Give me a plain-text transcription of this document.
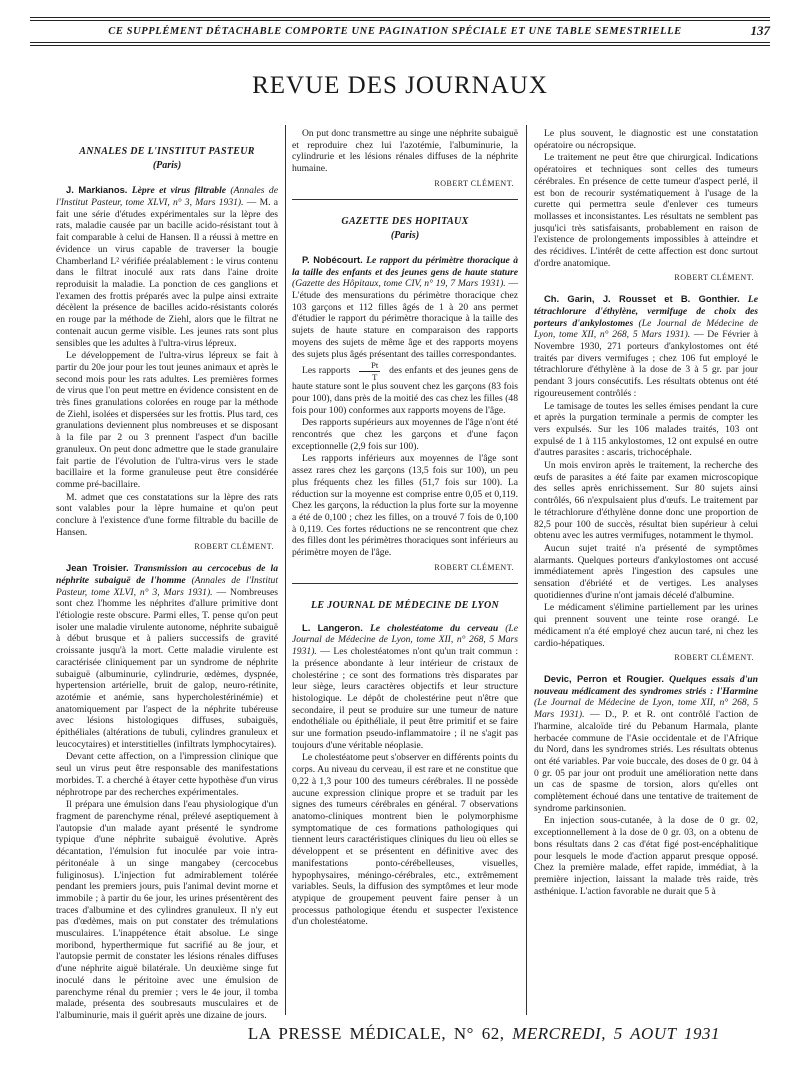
CE SUPPLÉMENT DÉTACHABLE COMPORTE UNE PAGINATION SPÉCIALE ET UNE TABLE SEMESTRIELLE	137
REVUE DES JOURNAUX
ANNALES DE L'INSTITUT PASTEUR
(Paris)

J. Markianos. Lèpre et virus filtrable (Annales de l'Institut Pasteur, tome XLVI, n° 3, Mars 1931). — M. a fait une série d'études expérimentales sur la lèpre des rats, maladie causée par un bacille acido-résistant tout à fait comparable à celui de Hansen. Il a réussi à mettre en évidence un virus capable de traverser la bougie Chamberland L² vérifiée préalablement : le virus contenu dans le filtrat inoculé aux rats dans l'aine droite reproduisit la maladie. La ponction de ces ganglions et l'examen des frottis préparés avec la pulpe ainsi extraite décèlent la présence de bacilles acido-résistants colorés en rouge par la méthode de Ziehl, alors que le filtrat ne contenait aucun germe visible. Les jeunes rats sont plus sensibles que les adultes à l'ultra-virus lépreux.

Le développement de l'ultra-virus lépreux se fait à partir du 20e jour pour les tout jeunes animaux et après le second mois pour les rats adultes. Les premières formes de virus que l'on peut mettre en évidence consistent en de très fines granulations colorées en rouge par la méthode de Ziehl, isolées et dispersées sur les frottis. Plus tard, ces granulations deviennent plus nombreuses et se disposant à la file par 2 ou 3 prennent l'aspect d'un bacille granuleux. On peut donc admettre que le stade granulaire fait partie de l'évolution de l'ultra-virus vers le stade bacillaire et la forme granuleuse peut être considérée comme pré-bacillaire.

M. admet que ces constatations sur la lèpre des rats sont valables pour la lèpre humaine et qu'on peut conclure à l'existence d'une forme filtrable du bacille de Hansen.

ROBERT CLÉMENT.

Jean Troisier. Transmission au cercocebus de la néphrite subaiguë de l'homme (Annales de l'Institut Pasteur, tome XLVI, n° 3, Mars 1931). — Nombreuses sont chez l'homme les néphrites d'allure primitive dont l'étiologie reste obscure. Parmi elles, T. pense qu'on peut isoler une maladie virulente autonome, néphrite subaiguë à début brusque et à paliers successifs de gravité croissante jusqu'à la mort. Cette maladie virulente est caractérisée cliniquement par un syndrome de néphrite subaiguë (albuminurie, cylindrurie, œdèmes, dyspnée, hypertension artérielle, bruit de galop, neuro-rétinite, azotémie et anémie, sans hypercholestérinémie) et anatomiquement par l'aspect de la néphrite tubéreuse avec lésions histologiques diffuses, subaiguës, épithéliales (altérations de tubuli, cylindres granuleux et leucocytaires) et interstitielles (infiltrats lymphocytaires).

Devant cette affection, on a l'impression clinique que seul un virus peut être responsable des manifestations morbides. T. a cherché à étayer cette hypothèse d'un virus néphrotrope par des recherches expérimentales.

Il prépara une émulsion dans l'eau physiologique d'un fragment de parenchyme rénal, prélevé aseptiquement à l'autopsie d'un malade ayant présenté le syndrome typique d'une néphrite subaiguë évolutive. Après décantation, l'émulsion fut inoculée par voie intra-péritonéale à un singe mangabey (cercocebus fuliginosus). L'injection fut admirablement tolérée pendant les premiers jours, puis l'animal devint morne et immobile ; à partir du 6e jour, les urines présentèrent des traces d'albumine et des cylindres granuleux. Il n'y eut pas d'œdèmes, mais on put constater des trémulations musculaires. L'inappétence était absolue. Le singe moribond, hyperthermique fut sacrifié au 8e jour, et l'autopsie permit de constater les lésions rénales diffuses d'une néphrite aiguë bilatérale. Un deuxième singe fut inoculé dans le péritoine avec une émulsion de parenchyme rénal du premier ; vers le 4e jour, il tomba malade, présenta des soubresauts musculaires et de l'albuminurie, mais il guérit après une dizaine de jours.

On put donc transmettre au singe une néphrite subaiguë et reproduire chez lui l'azotémie, l'albuminurie, la cylindrurie et les lésions rénales diffuses de la néphrite humaine.

ROBERT CLÉMENT.
GAZETTE DES HOPITAUX
(Paris)

P. Nobécourt. Le rapport du périmètre thoracique à la taille des enfants et des jeunes gens de haute stature (Gazette des Hôpitaux, tome CIV, n° 19, 7 Mars 1931). — L'étude des mensurations du périmètre thoracique chez 103 garçons et 112 filles âgés de 1 à 20 ans permet d'étudier le rapport du périmètre thoracique à la taille des sujets de haute stature en comparaison des rapports moyens des sujets de même âge et des rapports moyens des sujets plus âgés présentant des tailles correspondantes.

Les rapports $\frac{Pt}{T}$ des enfants et des jeunes gens de haute stature sont le plus souvent chez les garçons (83 fois pour 100), dans près de la moitié des cas chez les filles (48 fois pour 100) conformes aux rapports moyens de l'âge.

Des rapports supérieurs aux moyennes de l'âge n'ont été rencontrés que chez les garçons et d'une façon exceptionnelle (2,9 fois sur 100).

Les rapports inférieurs aux moyennes de l'âge sont assez rares chez les garçons (13,5 fois sur 100), un peu plus fréquents chez les filles (51,7 fois sur 100). La réduction sur la moyenne est comprise entre 0,05 et 0,119. Chez les garçons, la réduction la plus forte sur la moyenne a été de 0,100 ; chez les filles, on a trouvé 7 fois de 0,100 à 0,119. Ces fortes réductions ne se rencontrent que chez des filles dont les périmètres thoraciques sont inférieurs au périmètre moyen de l'âge.

ROBERT CLÉMENT.
LE JOURNAL DE MÉDECINE DE LYON

L. Langeron. Le cholestéatome du cerveau (Le Journal de Médecine de Lyon, tome XII, n° 268, 5 Mars 1931). — Les cholestéatomes n'ont qu'un trait commun : la présence abondante à leur intérieur de cristaux de cholestérine ; ce sont des formations très disparates par leur siège, leurs caractères objectifs et leur structure histologique. Le dépôt de cholestérine peut n'être que secondaire, il peut se produire sur une tumeur de nature endothéliale ou épithéliale, il peut être primitif et se faire sur une formation pseudo-inflammatoire ; il ne s'agit pas toujours d'une véritable néoplasie.

Le cholestéatome peut s'observer en différents points du corps. Au niveau du cerveau, il est rare et ne constitue que 0,22 à 1,3 pour 100 des tumeurs cérébrales. Il ne possède aucune expression clinique propre et se traduit par les signes des tumeurs cérébrales en général. 7 observations anatomo-cliniques montrent bien le polymorphisme symptomatique de ces formations pathologiques qui tiennent leurs caractéristiques cliniques du lieu où elles se développent et se présentent en définitive avec des manifestations ponto-cérébelleuses, visuelles, hypophysaires, méningo-cérébrales, etc., extrêmement variables. Seuls, la diffusion des symptômes et leur mode atypique de groupement peuvent faire penser à un processus pathologique étendu et suspecter l'existence d'un cholestéatome.

Le plus souvent, le diagnostic est une constatation opératoire ou nécropsique.

Le traitement ne peut être que chirurgical. Indications opératoires et techniques sont celles des tumeurs cérébrales. En présence de cette tumeur d'aspect perlé, il est bon de recourir systématiquement à l'usage de la curette qui permettra seule d'enlever ces tumeurs mollasses et inconsistantes. Les résultats ne semblent pas jusqu'ici très satisfaisants, probablement en raison de l'existence de prolongements impossibles à atteindre et des récidives. L'intérêt de cette affection est donc surtout d'ordre anatomique.

ROBERT CLÉMENT.

Ch. Garin, J. Rousset et B. Gonthier. Le tétrachlorure d'éthylène, vermifuge de choix des porteurs d'ankylostomes (Le Journal de Médecine de Lyon, tome XII, n° 268, 5 Mars 1931). — De Février à Novembre 1930, 271 porteurs d'ankylostomes ont été traités par divers vermifuges ; chez 106 fut employé le tétrachlorure d'éthylène à la dose de 3 à 5 gr. par jour pendant 3 jours consécutifs. Les résultats obtenus ont été rigoureusement contrôlés :

Le tamisage de toutes les selles émises pendant la cure et après la purgation terminale a permis de compter les vers expulsés. Sur les 106 malades traités, 103 ont expulsé de 1 à 115 ankylostomes, 12 ont expulsé en outre d'autres parasites : ascaris, trichocéphale.

Un mois environ après le traitement, la recherche des œufs de parasites a été faite par examen microscopique des selles après enrichissement. Sur 80 sujets ainsi contrôlés, 66 n'expulsaient plus d'œufs. Le traitement par le tétrachlorure d'éthylène donne donc une proportion de 82,5 pour 100 de succès, résultat bien supérieur à celui obtenu avec les autres vermifuges, notamment le thymol.

Aucun sujet traité n'a présenté de symptômes alarmants. Quelques porteurs d'ankylostomes ont accusé immédiatement après l'ingestion des capsules une sensation d'ébriété et de vertiges. Les analyses quotidiennes d'urine n'ont jamais décelé d'albumine.

Le médicament s'élimine partiellement par les urines qui prennent souvent une teinte rose orangé. Le médicament n'a été employé chez aucun taré, ni chez les cardio-hépatiques.

ROBERT CLÉMENT.

Devic, Perron et Rougier. Quelques essais d'un nouveau médicament des syndromes striés : l'Harmine (Le Journal de Médecine de Lyon, tome XII, n° 268, 5 Mars 1931). — D., P. et R. ont contrôlé l'action de l'harmine, alcaloïde tiré du Pebanum Harmala, plante herbacée commune de l'Asie occidentale et de l'Afrique du Nord, dans les syndromes striés. Les résultats obtenus ont été variables. Par voie buccale, des doses de 0 gr. 04 à 0 gr. 05 par jour ont produit une amélioration nette dans un cas de spasme de torsion, alors qu'elles ont complètement échoué dans une tentative de traitement de syndrome parkinsonien.

En injection sous-cutanée, à la dose de 0 gr. 02, exceptionnellement à la dose de 0 gr. 03, on a obtenu de bons résultats dans 2 cas d'état figé post-encéphalitique pour lesquels le mode d'action apparut presque opposé. Chez la première malade, effet rapide, immédiat, à la première injection, laissant la malade très raide, très asthénique. L'action favorable ne durait que 5 à

LA PRESSE MÉDICALE, N° 62,
MERCREDI, 5 AOUT 1931
